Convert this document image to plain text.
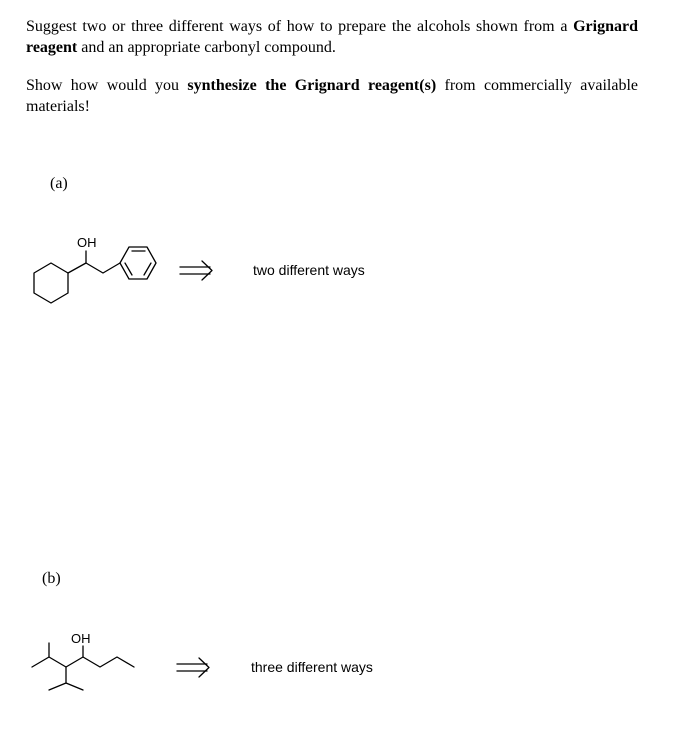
Suggest two or three different ways of how to prepare the alcohols shown from a Grignard reagent and an appropriate carbonyl compound.
Show how would you synthesize the Grignard reagent(s) from commercially available materials!
(a)
OH
two different ways
(b)
OH
three different ways
